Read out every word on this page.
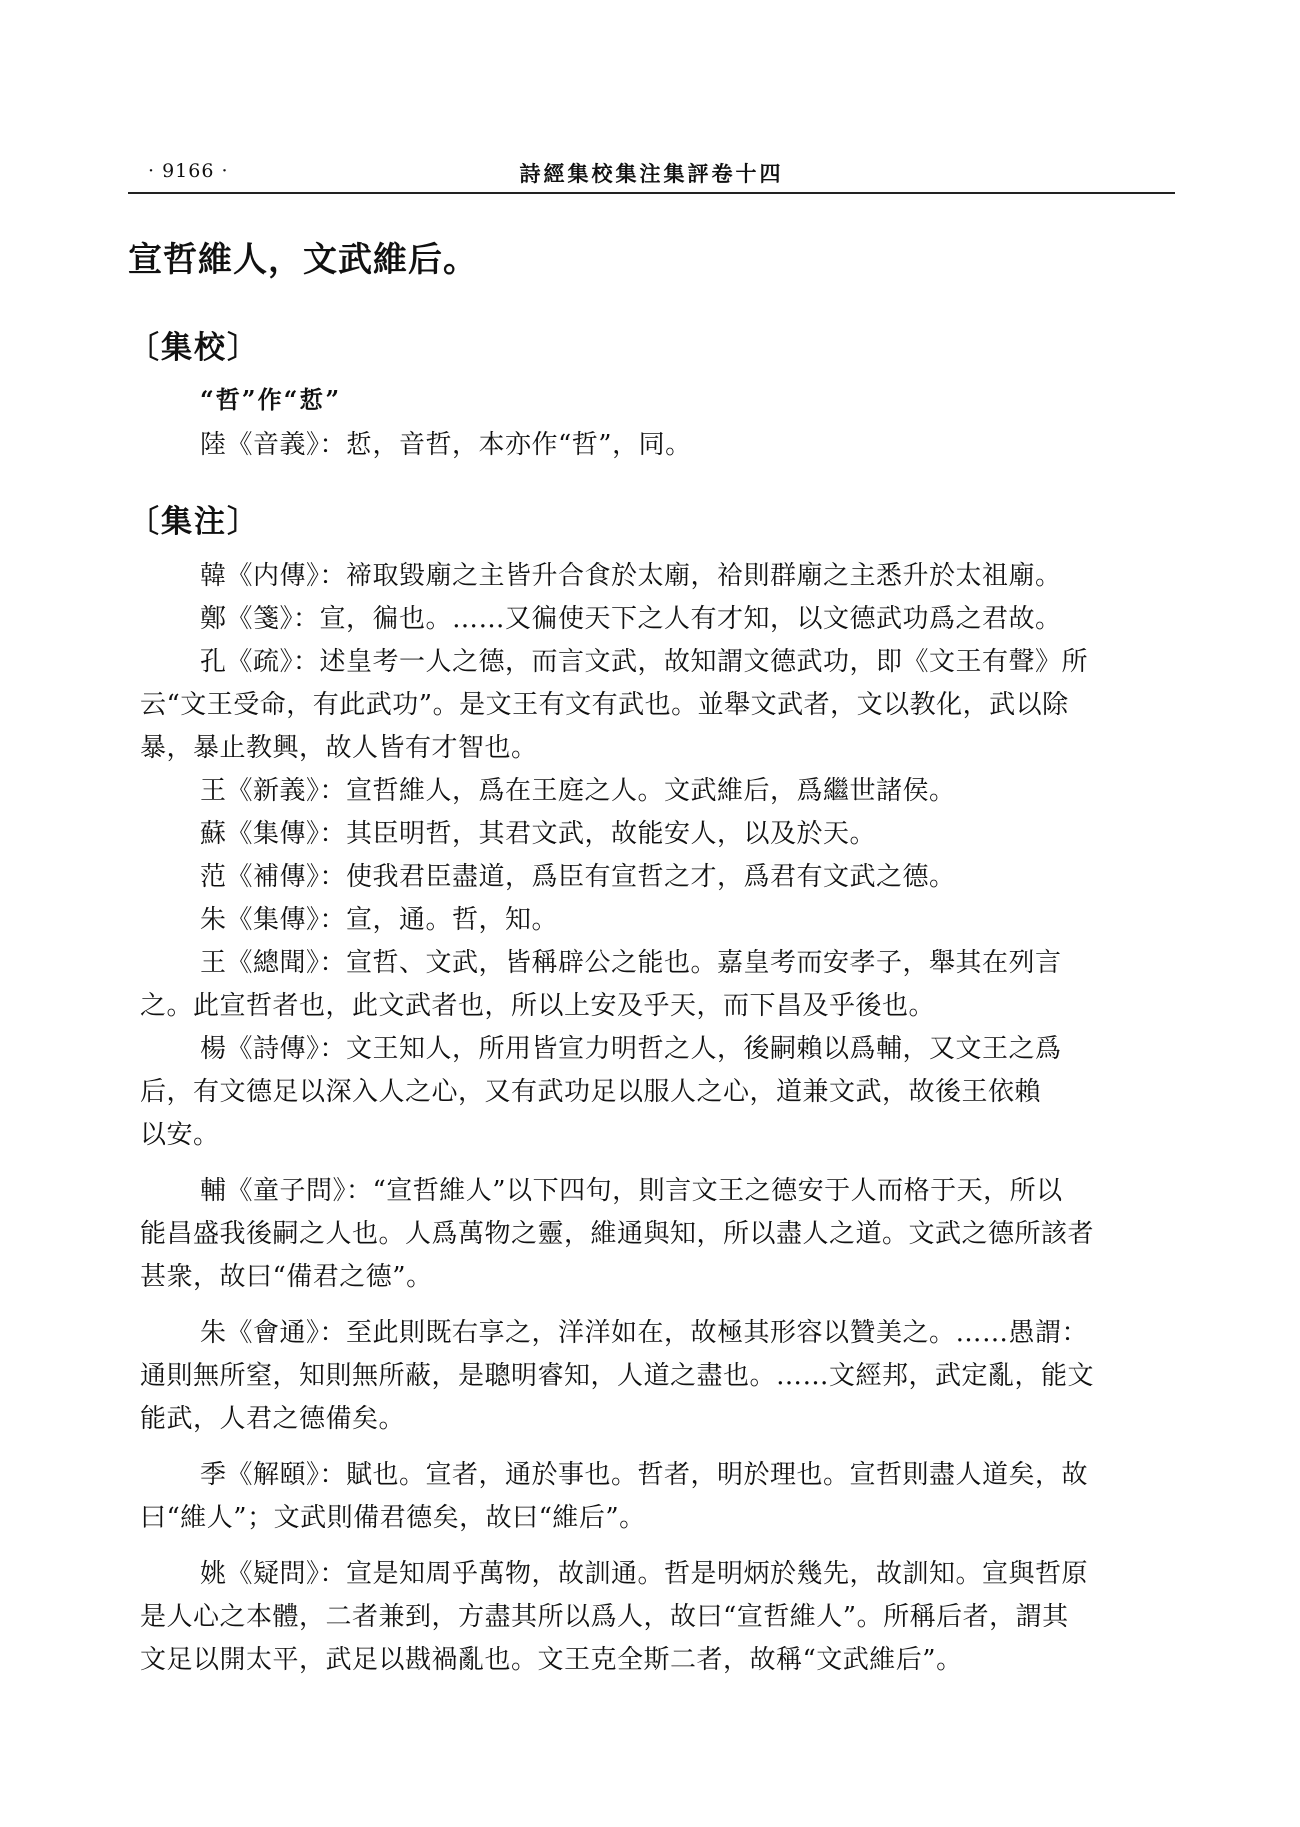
· 9166 ·	詩經集校集注集評卷十四
宣哲維人，文武維后。
〔集校〕
“哲”作“悊”
陸《音義》：悊，音哲，本亦作“哲”，同。
〔集注〕
韓《内傳》：禘取毀廟之主皆升合食於太廟，祫則群廟之主悉升於太祖廟。
鄭《箋》：宣，徧也。……又徧使天下之人有才知，以文德武功爲之君故。
孔《疏》：述皇考一人之德，而言文武，故知謂文德武功，即《文王有聲》所
云“文王受命，有此武功”。是文王有文有武也。並舉文武者，文以教化，武以除
暴，暴止教興，故人皆有才智也。
王《新義》：宣哲維人，爲在王庭之人。文武維后，爲繼世諸侯。
蘇《集傳》：其臣明哲，其君文武，故能安人，以及於天。
范《補傳》：使我君臣盡道，爲臣有宣哲之才，爲君有文武之德。
朱《集傳》：宣，通。哲，知。
王《總聞》：宣哲、文武，皆稱辟公之能也。嘉皇考而安孝子，舉其在列言
之。此宣哲者也，此文武者也，所以上安及乎天，而下昌及乎後也。
楊《詩傳》：文王知人，所用皆宣力明哲之人，後嗣賴以爲輔，又文王之爲
后，有文德足以深入人之心，又有武功足以服人之心，道兼文武，故後王依賴
以安。
輔《童子問》：“宣哲維人”以下四句，則言文王之德安于人而格于天，所以
能昌盛我後嗣之人也。人爲萬物之靈，維通與知，所以盡人之道。文武之德所該者
甚衆，故曰“備君之德”。
朱《會通》：至此則既右享之，洋洋如在，故極其形容以贊美之。……愚謂：
通則無所窒，知則無所蔽，是聰明睿知，人道之盡也。……文經邦，武定亂，能文
能武，人君之德備矣。
季《解頤》：賦也。宣者，通於事也。哲者，明於理也。宣哲則盡人道矣，故
曰“維人”；文武則備君德矣，故曰“維后”。
姚《疑問》：宣是知周乎萬物，故訓通。哲是明炳於幾先，故訓知。宣與哲原
是人心之本體，二者兼到，方盡其所以爲人，故曰“宣哲維人”。所稱后者，謂其
文足以開太平，武足以戡禍亂也。文王克全斯二者，故稱“文武維后”。
